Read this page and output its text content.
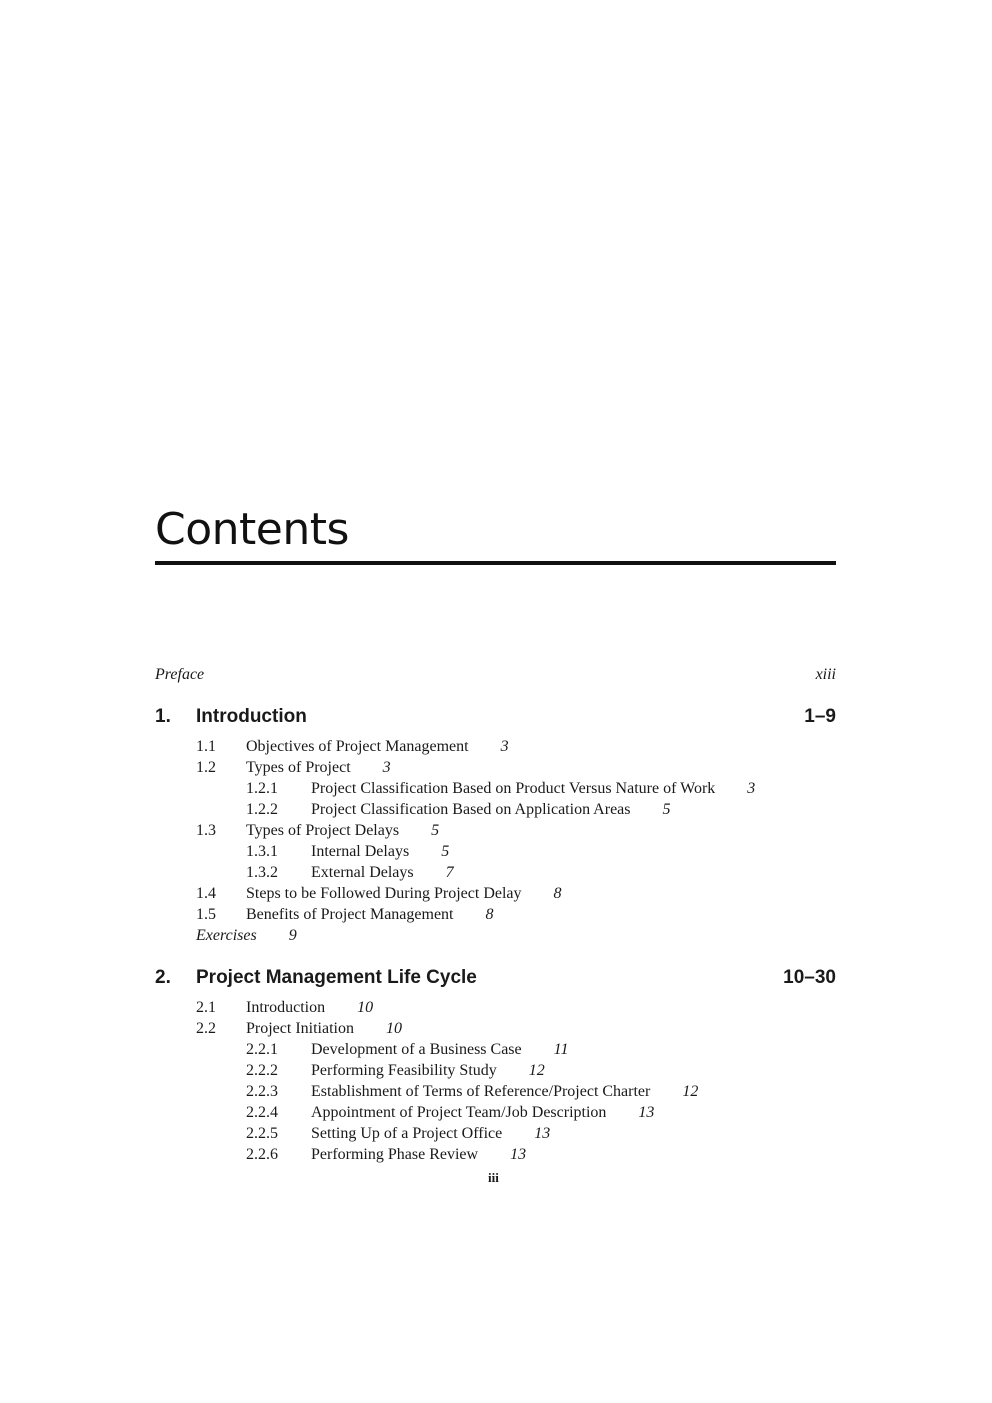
Contents
Preface	xiii
1. Introduction	1–9
1.1 Objectives of Project Management 3
1.2 Types of Project 3
1.2.1 Project Classification Based on Product Versus Nature of Work 3
1.2.2 Project Classification Based on Application Areas 5
1.3 Types of Project Delays 5
1.3.1 Internal Delays 5
1.3.2 External Delays 7
1.4 Steps to be Followed During Project Delay 8
1.5 Benefits of Project Management 8
Exercises 9
2. Project Management Life Cycle	10–30
2.1 Introduction 10
2.2 Project Initiation 10
2.2.1 Development of a Business Case 11
2.2.2 Performing Feasibility Study 12
2.2.3 Establishment of Terms of Reference/Project Charter 12
2.2.4 Appointment of Project Team/Job Description 13
2.2.5 Setting Up of a Project Office 13
2.2.6 Performing Phase Review 13
iii
